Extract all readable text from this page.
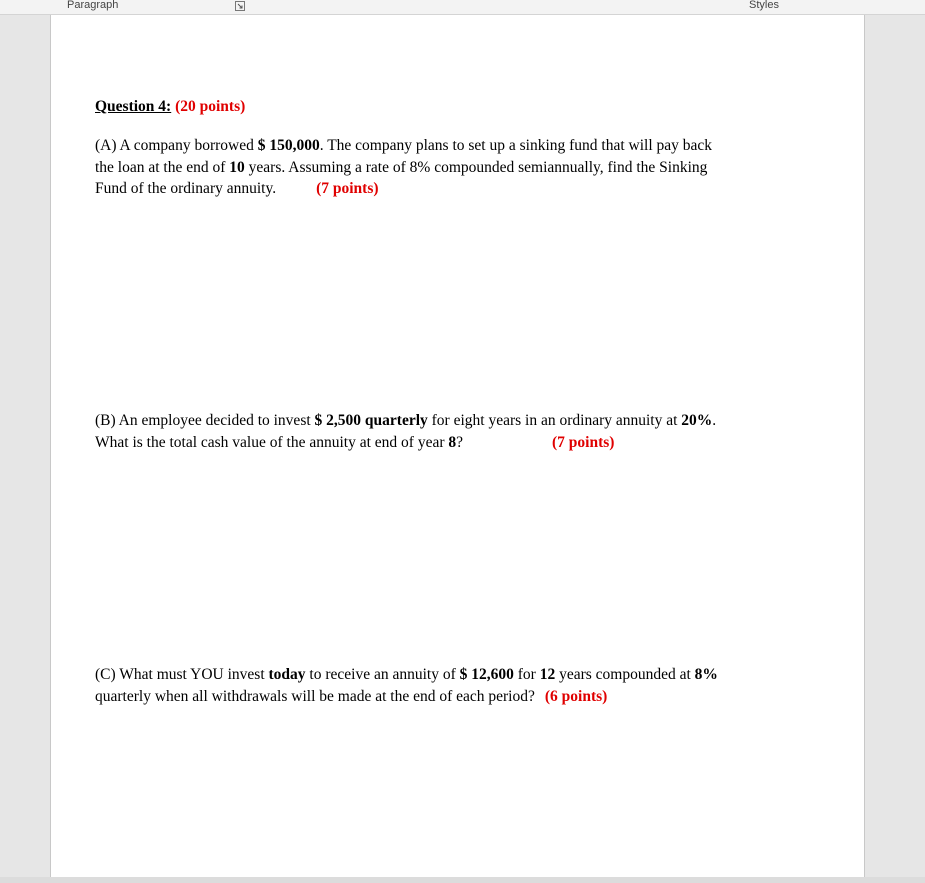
Paragraph	Styles
Question 4: (20 points)
(A) A company borrowed $ 150,000. The company plans to set up a sinking fund that will pay back the loan at the end of 10 years. Assuming a rate of 8% compounded semiannually, find the Sinking Fund of the ordinary annuity.	(7 points)
(B) An employee decided to invest $ 2,500 quarterly for eight years in an ordinary annuity at 20%. What is the total cash value of the annuity at end of year 8?	(7 points)
(C) What must YOU invest today to receive an annuity of $ 12,600 for 12 years compounded at 8% quarterly when all withdrawals will be made at the end of each period? (6 points)
